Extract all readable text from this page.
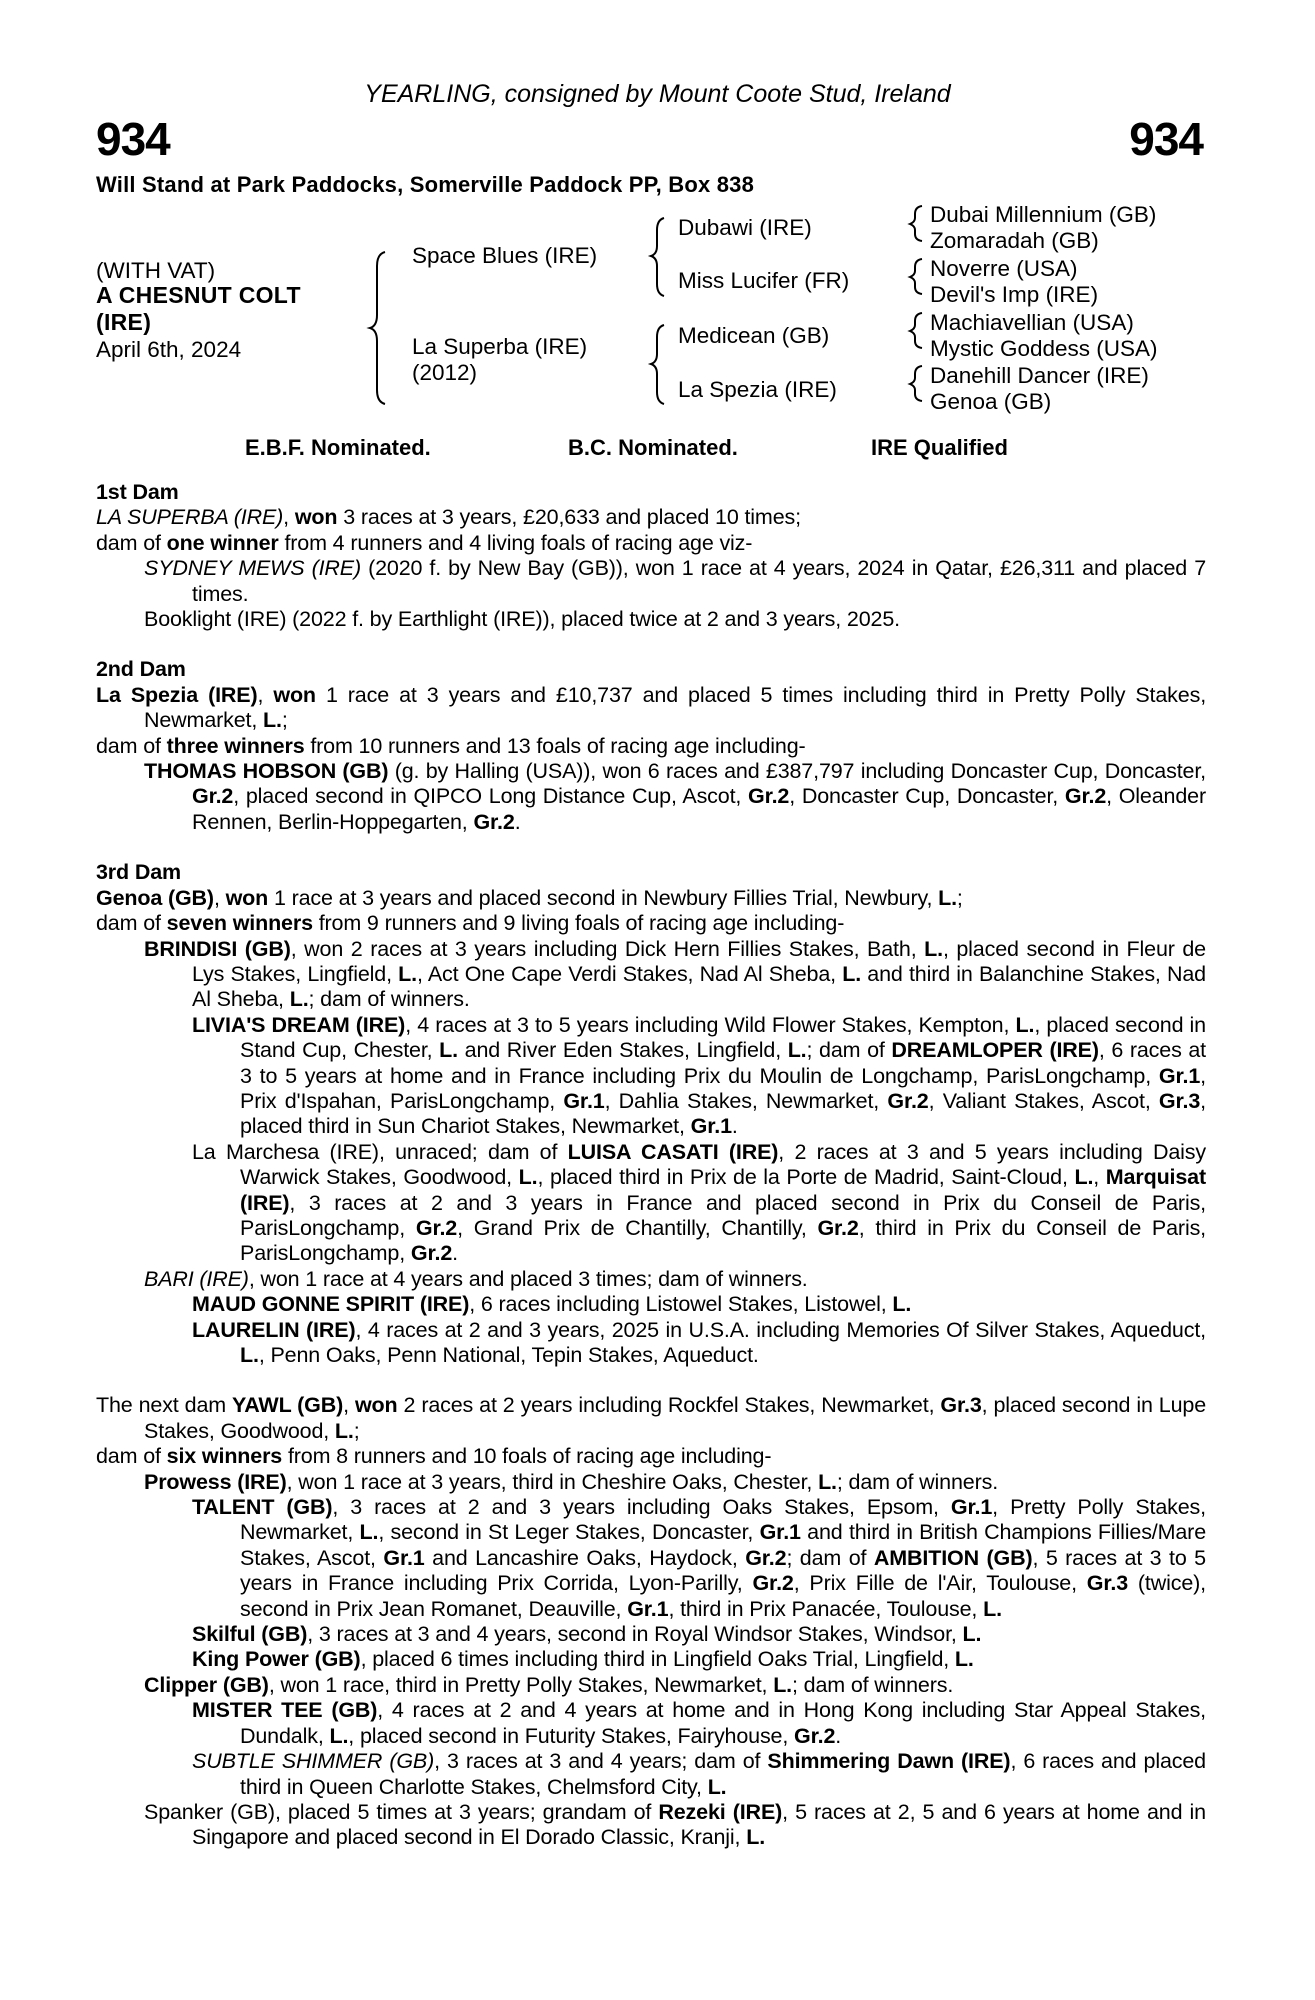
YEARLING, consigned by Mount Coote Stud, Ireland
934	934
Will Stand at Park Paddocks, Somerville Paddock PP, Box 838
(WITH VAT)
A CHESNUT COLT
(IRE)
April 6th, 2024
Space Blues (IRE)
La Superba (IRE)
(2012)
Dubawi (IRE)
Miss Lucifer (FR)
Medicean (GB)
La Spezia (IRE)
Dubai Millennium (GB)
Zomaradah (GB)
Noverre (USA)
Devil's Imp (IRE)
Machiavellian (USA)
Mystic Goddess (USA)
Danehill Dancer (IRE)
Genoa (GB)
E.B.F. Nominated.	B.C. Nominated.	IRE Qualified

1st Dam

LA SUPERBA (IRE), won 3 races at 3 years, £20,633 and placed 10 times;

dam of one winner from 4 runners and 4 living foals of racing age viz-

SYDNEY MEWS (IRE) (2020 f. by New Bay (GB)), won 1 race at 4 years, 2024 in Qatar, £26,311 and placed 7 times.

Booklight (IRE) (2022 f. by Earthlight (IRE)), placed twice at 2 and 3 years, 2025.

2nd Dam

La Spezia (IRE), won 1 race at 3 years and £10,737 and placed 5 times including third in Pretty Polly Stakes, Newmarket, L.;

dam of three winners from 10 runners and 13 foals of racing age including-

THOMAS HOBSON (GB) (g. by Halling (USA)), won 6 races and £387,797 including Doncaster Cup, Doncaster, Gr.2, placed second in QIPCO Long Distance Cup, Ascot, Gr.2, Doncaster Cup, Doncaster, Gr.2, Oleander Rennen, Berlin-Hoppegarten, Gr.2.

3rd Dam

Genoa (GB), won 1 race at 3 years and placed second in Newbury Fillies Trial, Newbury, L.;

dam of seven winners from 9 runners and 9 living foals of racing age including-

BRINDISI (GB), won 2 races at 3 years including Dick Hern Fillies Stakes, Bath, L., placed second in Fleur de Lys Stakes, Lingfield, L., Act One Cape Verdi Stakes, Nad Al Sheba, L. and third in Balanchine Stakes, Nad Al Sheba, L.; dam of winners.

LIVIA'S DREAM (IRE), 4 races at 3 to 5 years including Wild Flower Stakes, Kempton, L., placed second in Stand Cup, Chester, L. and River Eden Stakes, Lingfield, L.; dam of DREAMLOPER (IRE), 6 races at 3 to 5 years at home and in France including Prix du Moulin de Longchamp, ParisLongchamp, Gr.1, Prix d'Ispahan, ParisLongchamp, Gr.1, Dahlia Stakes, Newmarket, Gr.2, Valiant Stakes, Ascot, Gr.3, placed third in Sun Chariot Stakes, Newmarket, Gr.1.

La Marchesa (IRE), unraced; dam of LUISA CASATI (IRE), 2 races at 3 and 5 years including Daisy Warwick Stakes, Goodwood, L., placed third in Prix de la Porte de Madrid, Saint-Cloud, L., Marquisat (IRE), 3 races at 2 and 3 years in France and placed second in Prix du Conseil de Paris, ParisLongchamp, Gr.2, Grand Prix de Chantilly, Chantilly, Gr.2, third in Prix du Conseil de Paris, ParisLongchamp, Gr.2.

BARI (IRE), won 1 race at 4 years and placed 3 times; dam of winners.

MAUD GONNE SPIRIT (IRE), 6 races including Listowel Stakes, Listowel, L.

LAURELIN (IRE), 4 races at 2 and 3 years, 2025 in U.S.A. including Memories Of Silver Stakes, Aqueduct, L., Penn Oaks, Penn National, Tepin Stakes, Aqueduct.

The next dam YAWL (GB), won 2 races at 2 years including Rockfel Stakes, Newmarket, Gr.3, placed second in Lupe Stakes, Goodwood, L.;

dam of six winners from 8 runners and 10 foals of racing age including-

Prowess (IRE), won 1 race at 3 years, third in Cheshire Oaks, Chester, L.; dam of winners.

TALENT (GB), 3 races at 2 and 3 years including Oaks Stakes, Epsom, Gr.1, Pretty Polly Stakes, Newmarket, L., second in St Leger Stakes, Doncaster, Gr.1 and third in British Champions Fillies/Mare Stakes, Ascot, Gr.1 and Lancashire Oaks, Haydock, Gr.2; dam of AMBITION (GB), 5 races at 3 to 5 years in France including Prix Corrida, Lyon-Parilly, Gr.2, Prix Fille de l'Air, Toulouse, Gr.3 (twice), second in Prix Jean Romanet, Deauville, Gr.1, third in Prix Panacée, Toulouse, L.

Skilful (GB), 3 races at 3 and 4 years, second in Royal Windsor Stakes, Windsor, L.

King Power (GB), placed 6 times including third in Lingfield Oaks Trial, Lingfield, L.

Clipper (GB), won 1 race, third in Pretty Polly Stakes, Newmarket, L.; dam of winners.

MISTER TEE (GB), 4 races at 2 and 4 years at home and in Hong Kong including Star Appeal Stakes, Dundalk, L., placed second in Futurity Stakes, Fairyhouse, Gr.2.

SUBTLE SHIMMER (GB), 3 races at 3 and 4 years; dam of Shimmering Dawn (IRE), 6 races and placed third in Queen Charlotte Stakes, Chelmsford City, L.

Spanker (GB), placed 5 times at 3 years; grandam of Rezeki (IRE), 5 races at 2, 5 and 6 years at home and in Singapore and placed second in El Dorado Classic, Kranji, L.
